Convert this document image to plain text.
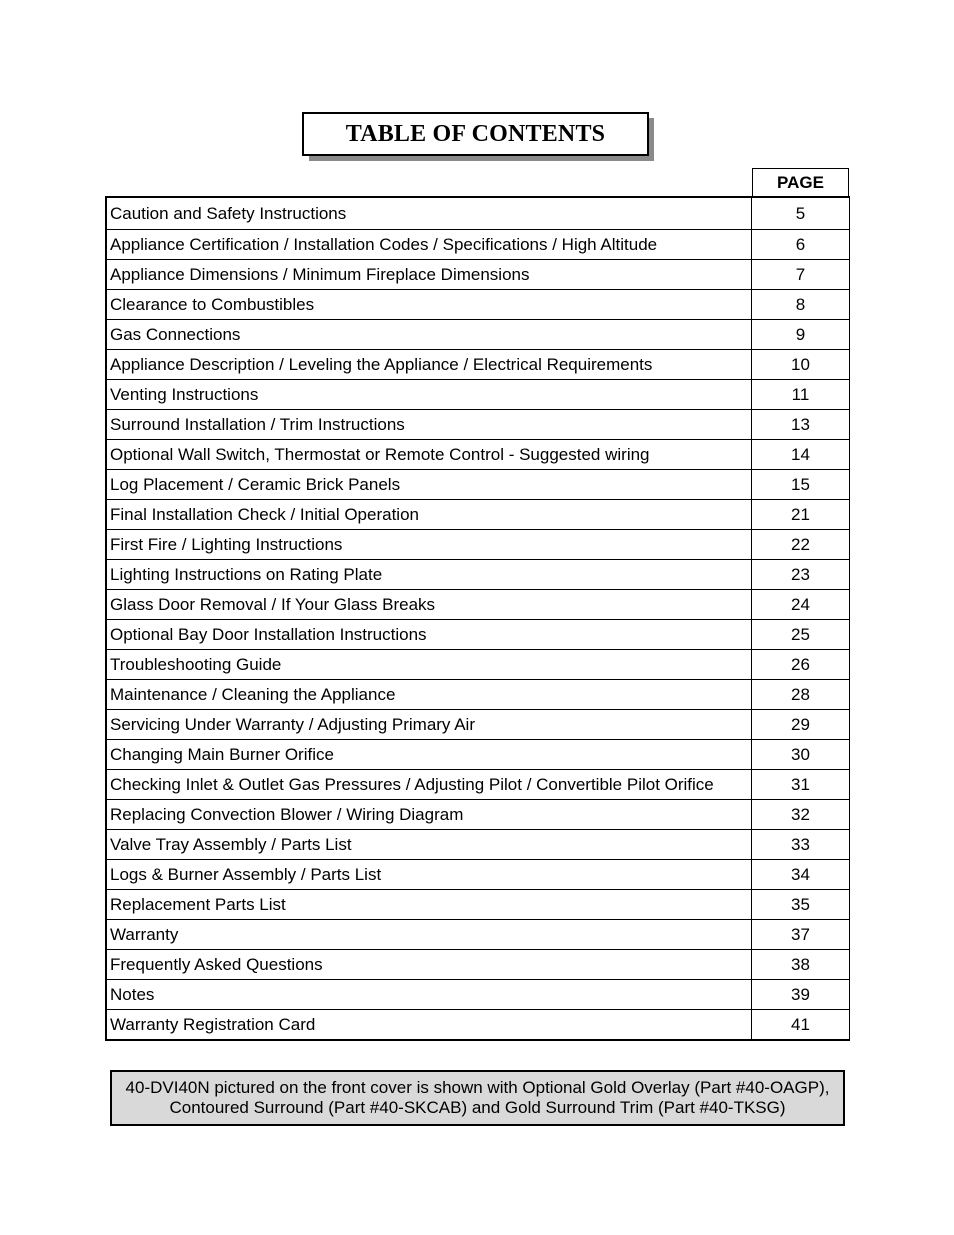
TABLE OF CONTENTS
PAGE
Caution and Safety Instructions	5
Appliance Certification / Installation Codes / Specifications / High Altitude	6
Appliance Dimensions / Minimum Fireplace Dimensions	7
Clearance to Combustibles	8
Gas Connections	9
Appliance Description / Leveling the Appliance / Electrical Requirements	10
Venting Instructions	11
Surround Installation / Trim Instructions	13
Optional Wall Switch, Thermostat or Remote Control - Suggested wiring	14
Log Placement / Ceramic Brick Panels	15
Final Installation Check / Initial Operation	21
First Fire / Lighting Instructions	22
Lighting Instructions on Rating Plate	23
Glass Door Removal / If Your Glass Breaks	24
Optional Bay Door Installation Instructions	25
Troubleshooting Guide	26
Maintenance / Cleaning the Appliance	28
Servicing Under Warranty / Adjusting Primary Air	29
Changing Main Burner Orifice	30
Checking Inlet & Outlet Gas Pressures / Adjusting Pilot / Convertible Pilot Orifice	31
Replacing Convection Blower / Wiring Diagram	32
Valve Tray Assembly / Parts List	33
Logs & Burner Assembly / Parts List	34
Replacement Parts List	35
Warranty	37
Frequently Asked Questions	38
Notes	39
Warranty Registration Card	41
40-DVI40N pictured on the front cover is shown with Optional Gold Overlay (Part #40-OAGP),
Contoured Surround (Part #40-SKCAB) and Gold Surround Trim (Part #40-TKSG)
